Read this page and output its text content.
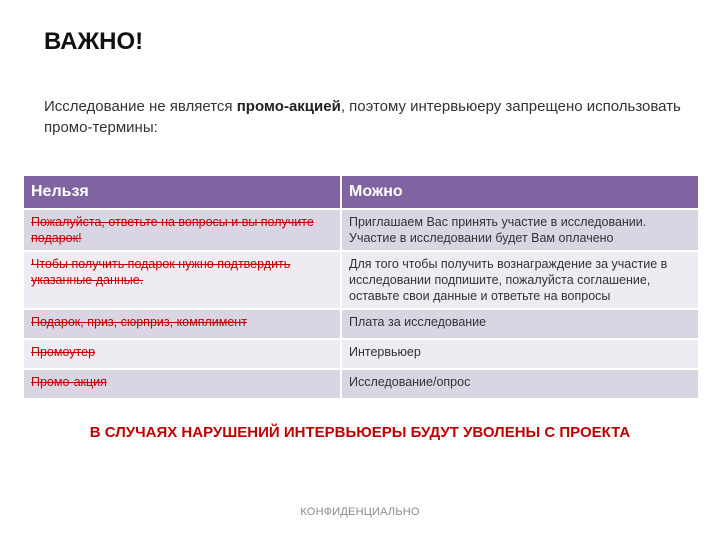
ВАЖНО!
Исследование не является промо-акцией, поэтому интервьюеру запрещено использовать промо-термины:
Нельзя	Можно
Пожалуйста, ответьте на вопросы и вы получите подарок!	Приглашаем Вас принять участие в исследовании. Участие в исследовании будет Вам оплачено
Чтобы получить подарок нужно подтвердить указанные данные.	Для того чтобы получить вознаграждение за участие в исследовании подпишите, пожалуйста соглашение, оставьте свои данные и ответьте на вопросы
Подарок, приз, сюрприз, комплимент	Плата за исследование
Промоутер	Интервьюер
Промо-акция	Исследование/опрос
В СЛУЧАЯХ НАРУШЕНИЙ ИНТЕРВЬЮЕРЫ БУДУТ УВОЛЕНЫ С ПРОЕКТА
КОНФИДЕНЦИАЛЬНО
